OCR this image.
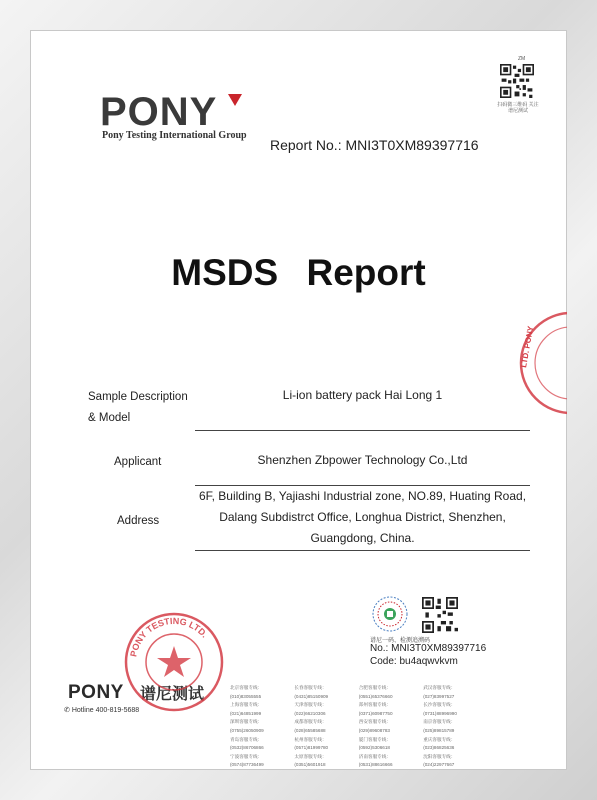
PONY
Pony Testing International Group
ZM
扫码微三维码 关注谱尼测试
Report No.: MNI3T0XM89397716
MSDS Report
Sample Description
& Model
Li-ion battery pack Hai Long 1
Applicant	Shenzhen Zbpower Technology Co.,Ltd
Address
6F, Building B, Yajiashi Industrial zone, NO.89, Huating Road,
Dalang Subdistrct Office, Longhua District, Shenzhen,
Guangdong, China.
谱尼一码、检测追溯码
No.: MNI3T0XM89397716
Code: bu4aqwvkvm
PONY 谱尼测试
✆ Hotline 400-819-5688
北京客服专线：(010)83055555
长春客服专线：(0431)85150909
合肥客服专线：(0551)65376660
武汉客服专线：(027)83997527
上海客服专线：(021)64851999
天津客服专线：(022)66210306
郑州客服专线：(0371)60987750
长沙客服专线：(0731)88996990
深圳客服专线：(0755)26050909
成都客服专线：(028)65585688
西安客服专线：(029)89608783
南京客服专线：(025)89815789
青岛客服专线：(0532)86706866
杭州客服专线：(0571)81999780
厦门客服专线：(0592)5306618
重庆客服专线：(023)86825636
宁波客服专线：(0574)87736499
太原客服专线：(0351)5601918
济南客服专线：(0531)88616666
沈阳客服专线：(024)22977667
PONY TESTING LTD.
LTD. PONY
